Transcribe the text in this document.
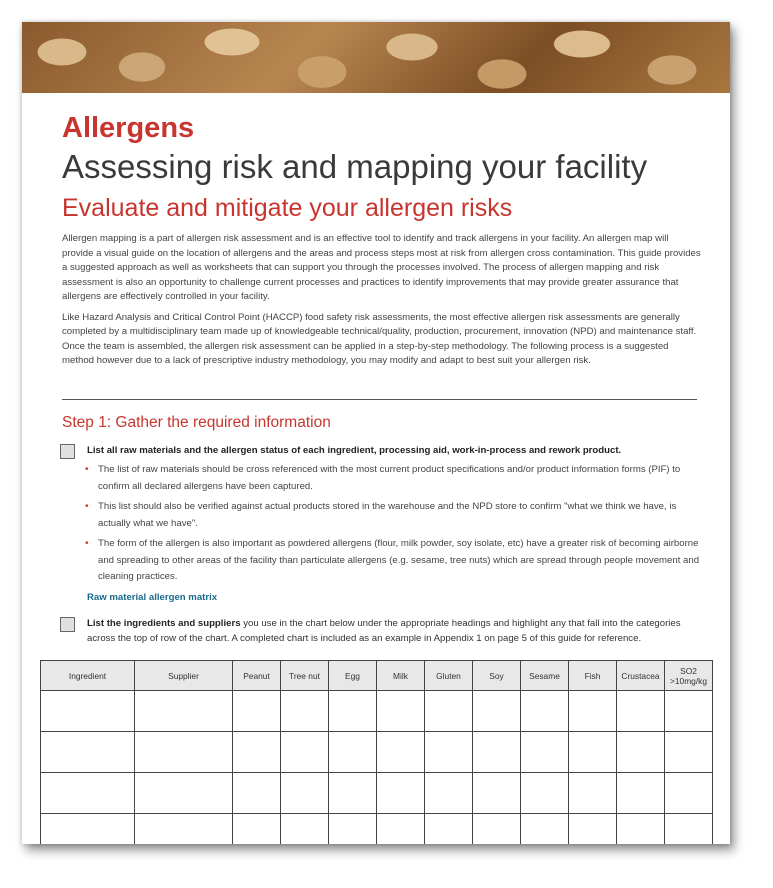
Allergens
Assessing risk and mapping your facility
Evaluate and mitigate your allergen risks

Allergen mapping is a part of allergen risk assessment and is an effective tool to identify and track allergens in your facility. An allergen map will provide a visual guide on the location of allergens and the areas and process steps most at risk from allergen cross contamination. This guide provides a suggested approach as well as worksheets that can support you through the processes involved. The process of allergen mapping and risk assessment is also an opportunity to challenge current processes and practices to identify improvements that may provide greater assurance that allergens are effectively controlled in your facility.

Like Hazard Analysis and Critical Control Point (HACCP) food safety risk assessments, the most effective allergen risk assessments are generally completed by a multidisciplinary team made up of knowledgeable technical/quality, production, procurement, innovation (NPD) and maintenance staff. Once the team is assembled, the allergen risk assessment can be applied in a step-by-step methodology. The following process is a suggested method however due to a lack of prescriptive industry methodology, you may modify and adapt to best suit your allergen risk.

Step 1: Gather the required information
List all raw materials and the allergen status of each ingredient, processing aid, work-in-process and rework product.
• The list of raw materials should be cross referenced with the most current product specifications and/or product information forms (PIF) to confirm all declared allergens have been captured.
• This list should also be verified against actual products stored in the warehouse and the NPD store to confirm "what we think we have, is actually what we have".
• The form of the allergen is also important as powdered allergens (flour, milk powder, soy isolate, etc) have a greater risk of becoming airborne and spreading to other areas of the facility than particulate allergens (e.g. sesame, tree nuts) which are spread through people movement and cleaning practices.
Raw material allergen matrix
List the ingredients and suppliers you use in the chart below under the appropriate headings and highlight any that fall into the categories across the top of row of the chart. A completed chart is included as an example in Appendix 1 on page 5 of this guide for reference.
Ingredient	Supplier	Peanut	Tree nut	Egg	Milk	Gluten	Soy	Sesame	Fish	Crustacea	SO2 >10mg/kg
